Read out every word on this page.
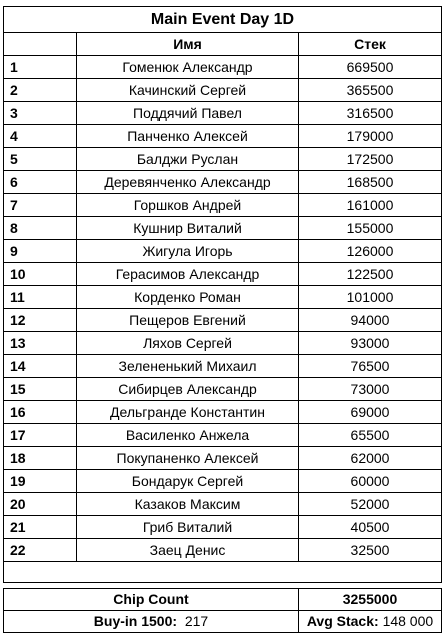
Main Event Day 1D		
	Имя	Стек
1	Гоменюк Александр	669500
2	Качинский Сергей	365500
3	Поддячий Павел	316500
4	Панченко Алексей	179000
5	Балджи Руслан	172500
6	Деревянченко Александр	168500
7	Горшков Андрей	161000
8	Кушнир Виталий	155000
9	Жигула Игорь	126000
10	Герасимов Александр	122500
11	Корденко Роман	101000
12	Пещеров Евгений	94000
13	Ляхов Сергей	93000
14	Зелененький Михаил	76500
15	Сибирцев Александр	73000
16	Дельгранде Константин	69000
17	Василенко Анжела	65500
18	Покупаненко Алексей	62000
19	Бондарук Сергей	60000
20	Казаков Максим	52000
21	Гриб Виталий	40500
22	Заец Денис	32500

Chip Count	3255000
Buy-in 1500: 217	Avg Stack: 148 000
